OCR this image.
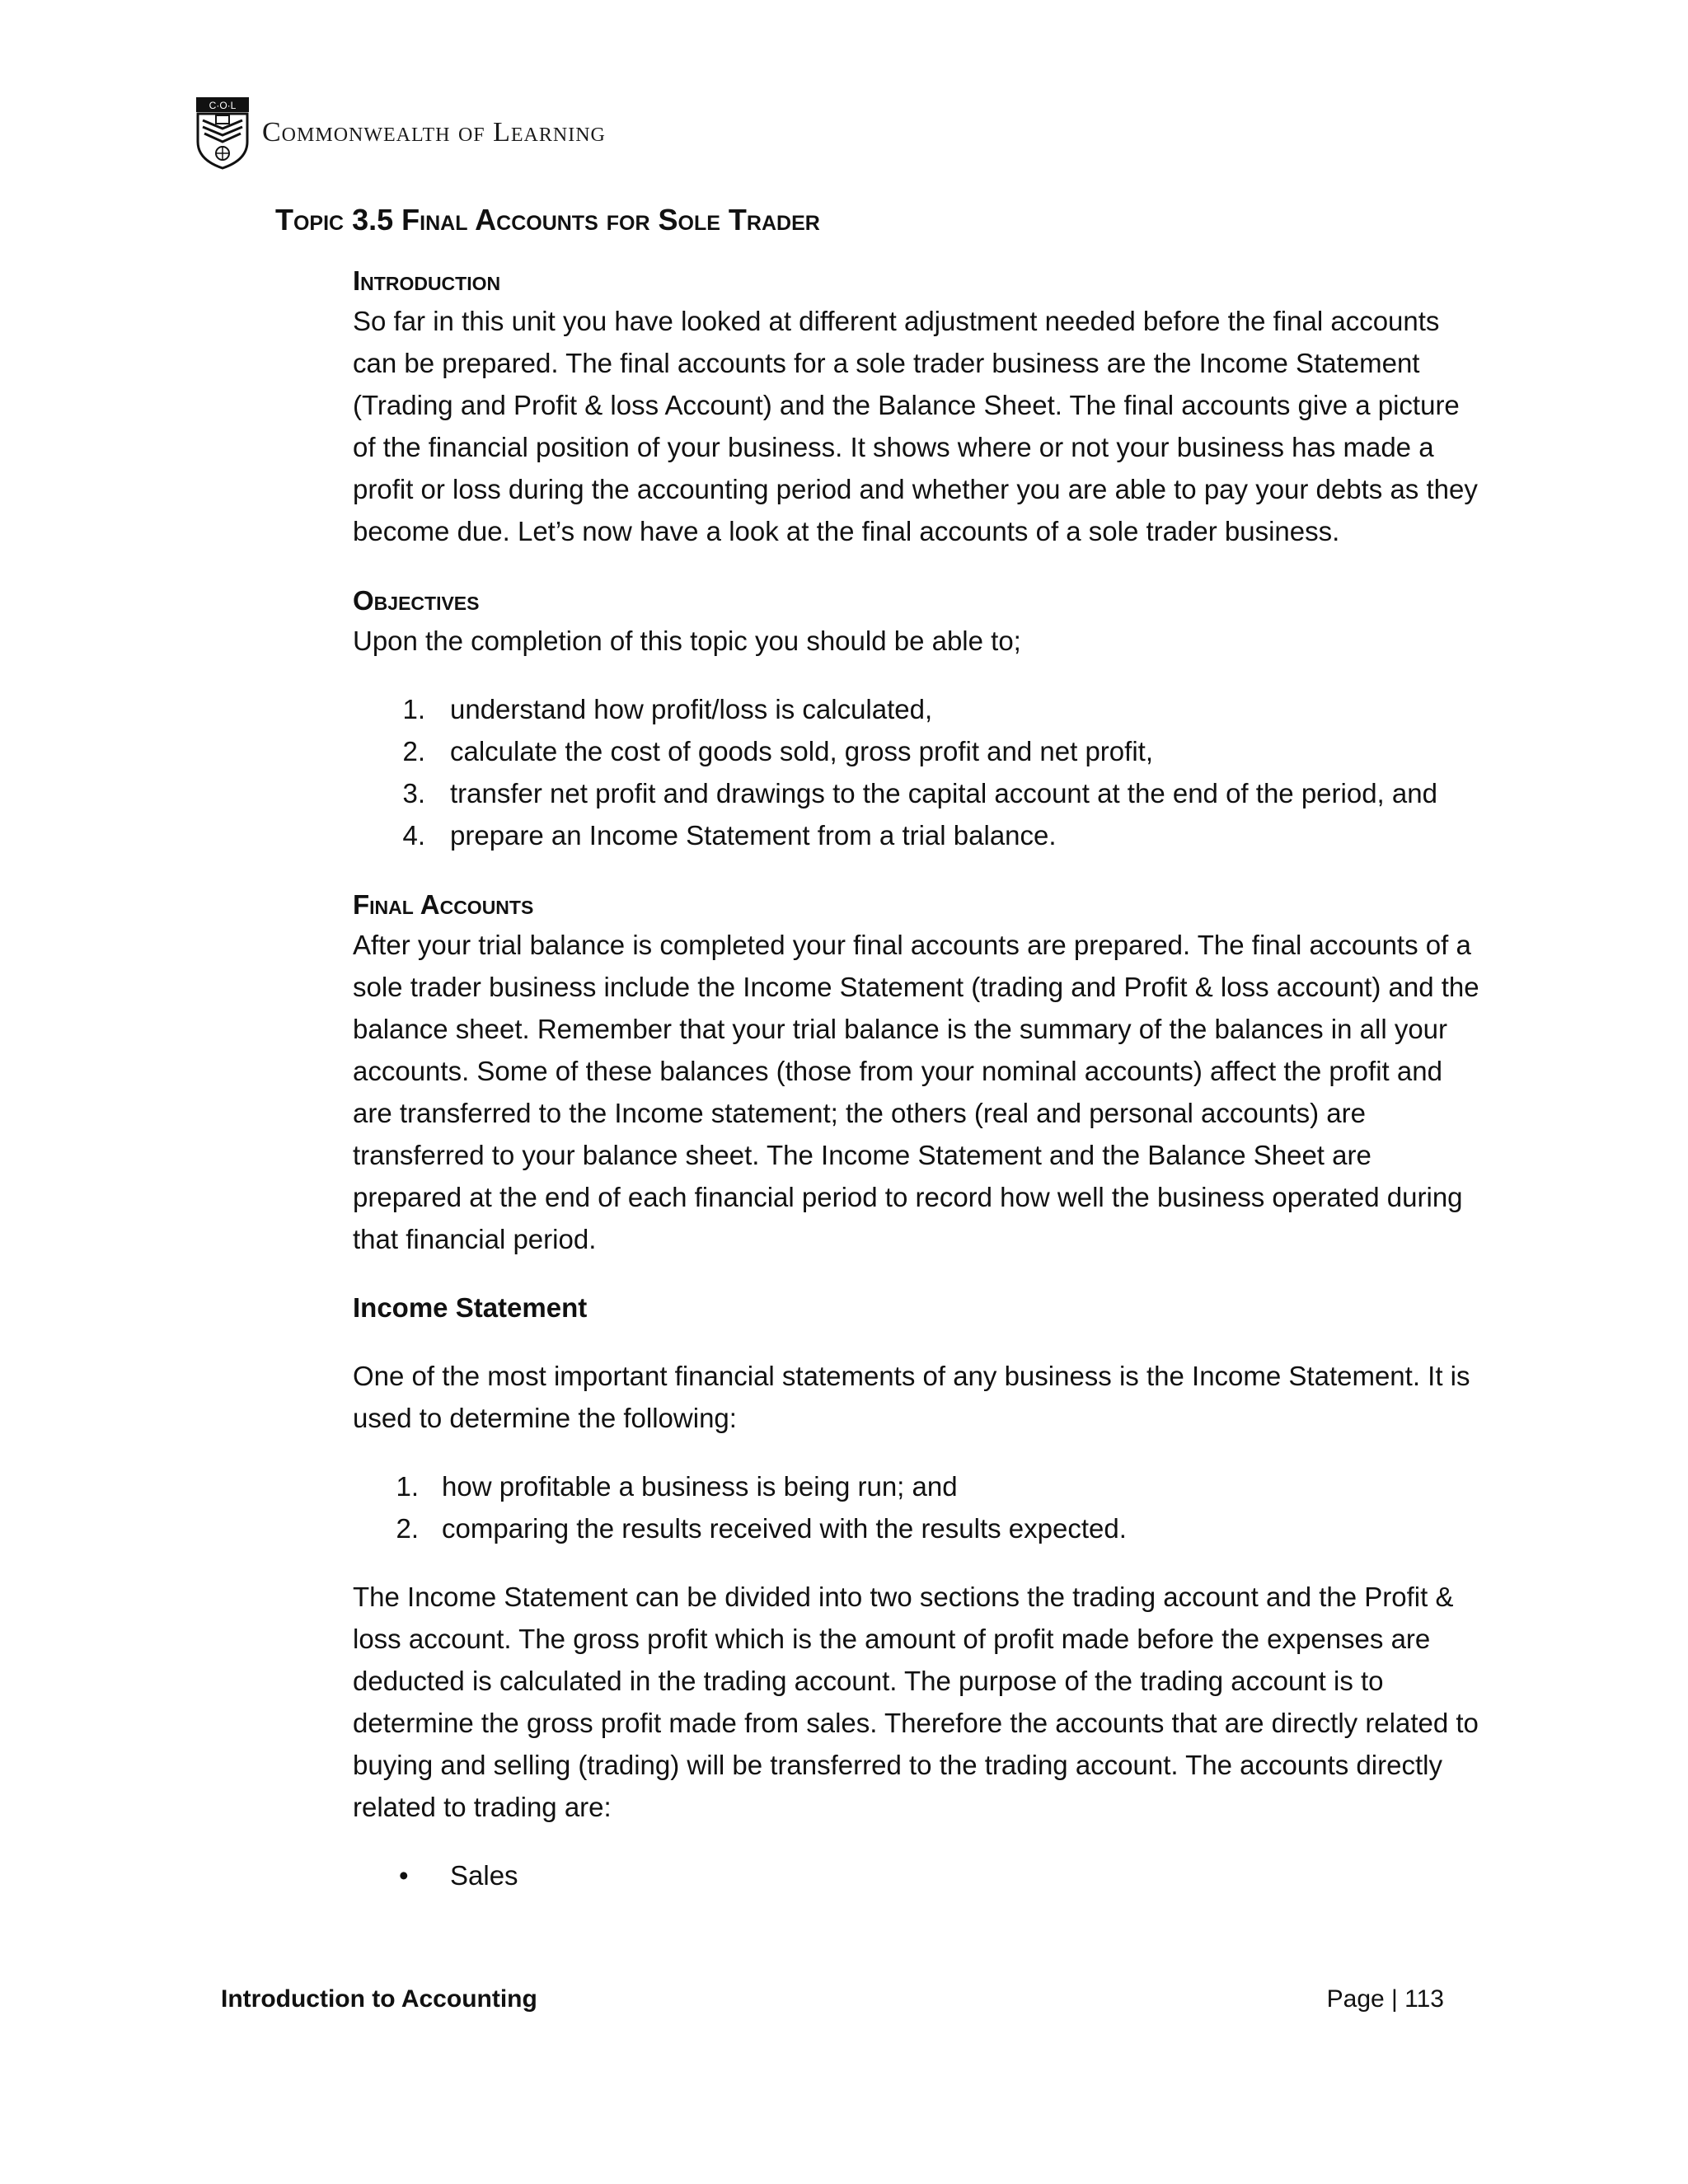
C·O·L
Commonwealth of Learning
Topic 3.5 Final Accounts for Sole Trader
Introduction

So far in this unit you have looked at different adjustment needed before the final accounts can be prepared. The final accounts for a sole trader business are the Income Statement (Trading and Profit & loss Account) and the Balance Sheet. The final accounts give a picture of the financial position of your business. It shows where or not your business has made a profit or loss during the accounting period and whether you are able to pay your debts as they become due. Let’s now have a look at the final accounts of a sole trader business.

Objectives

Upon the completion of this topic you should be able to;

1. understand how profit/loss is calculated,
2. calculate the cost of goods sold, gross profit and net profit,
3. transfer net profit and drawings to the capital account at the end of the period, and
4. prepare an Income Statement from a trial balance.
Final Accounts

After your trial balance is completed your final accounts are prepared. The final accounts of a sole trader business include the Income Statement (trading and Profit & loss account) and the balance sheet. Remember that your trial balance is the summary of the balances in all your accounts. Some of these balances (those from your nominal accounts) affect the profit and are transferred to the Income statement; the others (real and personal accounts) are transferred to your balance sheet. The Income Statement and the Balance Sheet are prepared at the end of each financial period to record how well the business operated during that financial period.

Income Statement

One of the most important financial statements of any business is the Income Statement. It is used to determine the following:

1. how profitable a business is being run; and
2. comparing the results received with the results expected.

The Income Statement can be divided into two sections the trading account and the Profit & loss account. The gross profit which is the amount of profit made before the expenses are deducted is calculated in the trading account. The purpose of the trading account is to determine the gross profit made from sales. Therefore the accounts that are directly related to buying and selling (trading) will be transferred to the trading account. The accounts directly related to trading are:

• Sales
Introduction to Accounting	Page | 113
